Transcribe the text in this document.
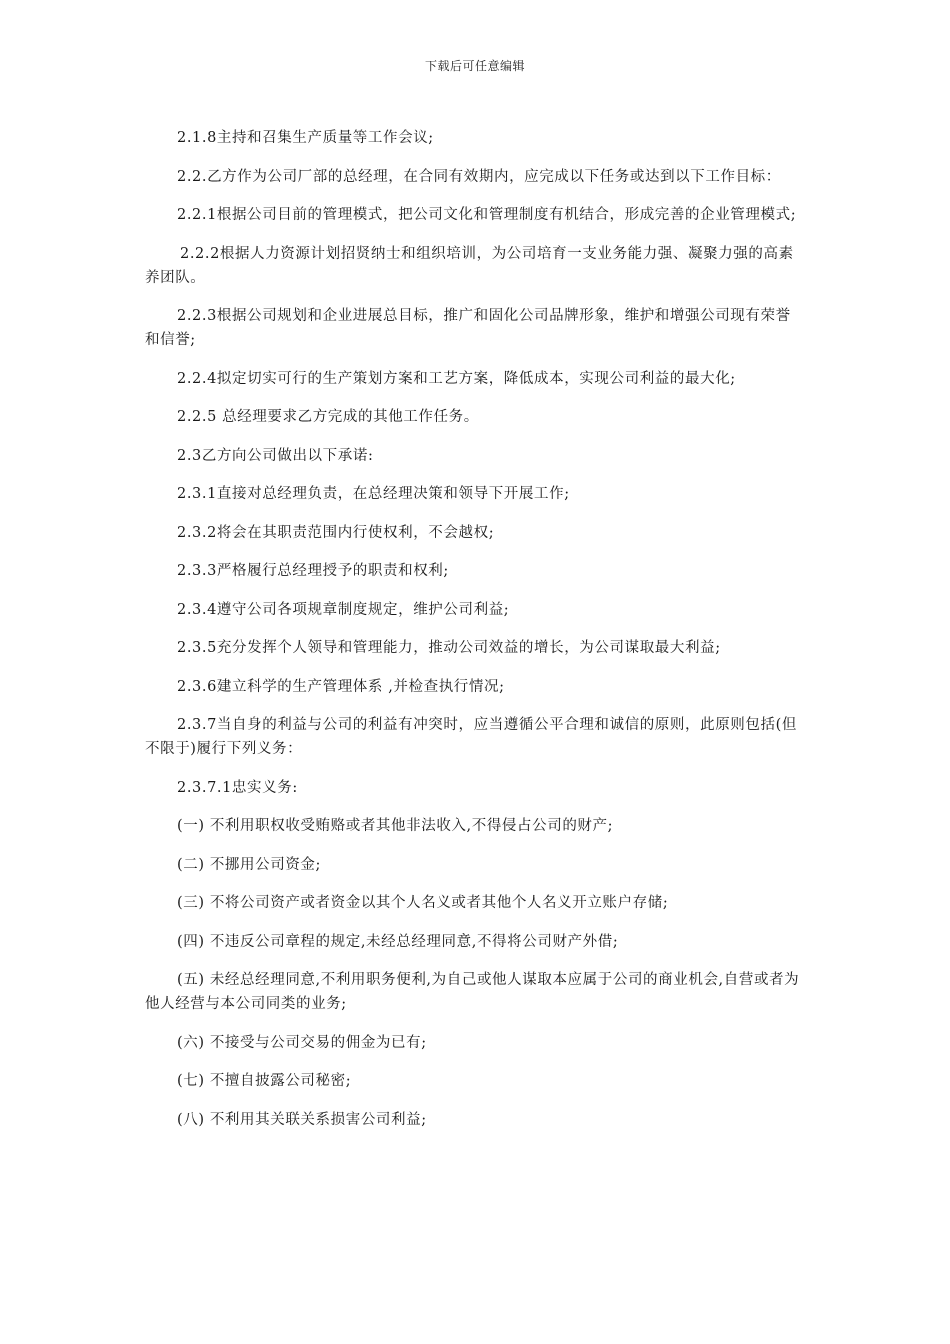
下载后可任意编辑

2.1.8主持和召集生产质量等工作会议;

2.2.乙方作为公司厂部的总经理，在合同有效期内，应完成以下任务或达到以下工作目标：

2.2.1根据公司目前的管理模式，把公司文化和管理制度有机结合，形成完善的企业管理模式;

2.2.2根据人力资源计划招贤纳士和组织培训，为公司培育一支业务能力强、凝聚力强的高素养团队。

2.2.3根据公司规划和企业进展总目标，推广和固化公司品牌形象，维护和增强公司现有荣誉和信誉;

2.2.4拟定切实可行的生产策划方案和工艺方案，降低成本，实现公司利益的最大化;

2.2.5 总经理要求乙方完成的其他工作任务。

2.3乙方向公司做出以下承诺:

2.3.1直接对总经理负责，在总经理决策和领导下开展工作;

2.3.2将会在其职责范围内行使权利，不会越权;

2.3.3严格履行总经理授予的职责和权利;

2.3.4遵守公司各项规章制度规定，维护公司利益;

2.3.5充分发挥个人领导和管理能力，推动公司效益的增长，为公司谋取最大利益;

2.3.6建立科学的生产管理体系 ,并检查执行情况;

2.3.7当自身的利益与公司的利益有冲突时，应当遵循公平合理和诚信的原则，此原则包括(但不限于)履行下列义务：

2.3.7.1忠实义务:

(一) 不利用职权收受贿赂或者其他非法收入,不得侵占公司的财产;

(二) 不挪用公司资金;

(三) 不将公司资产或者资金以其个人名义或者其他个人名义开立账户存储;

(四) 不违反公司章程的规定,未经总经理同意,不得将公司财产外借;

(五) 未经总经理同意,不利用职务便利,为自己或他人谋取本应属于公司的商业机会,自营或者为他人经营与本公司同类的业务;

(六) 不接受与公司交易的佣金为已有;

(七) 不擅自披露公司秘密;

(八) 不利用其关联关系损害公司利益;
